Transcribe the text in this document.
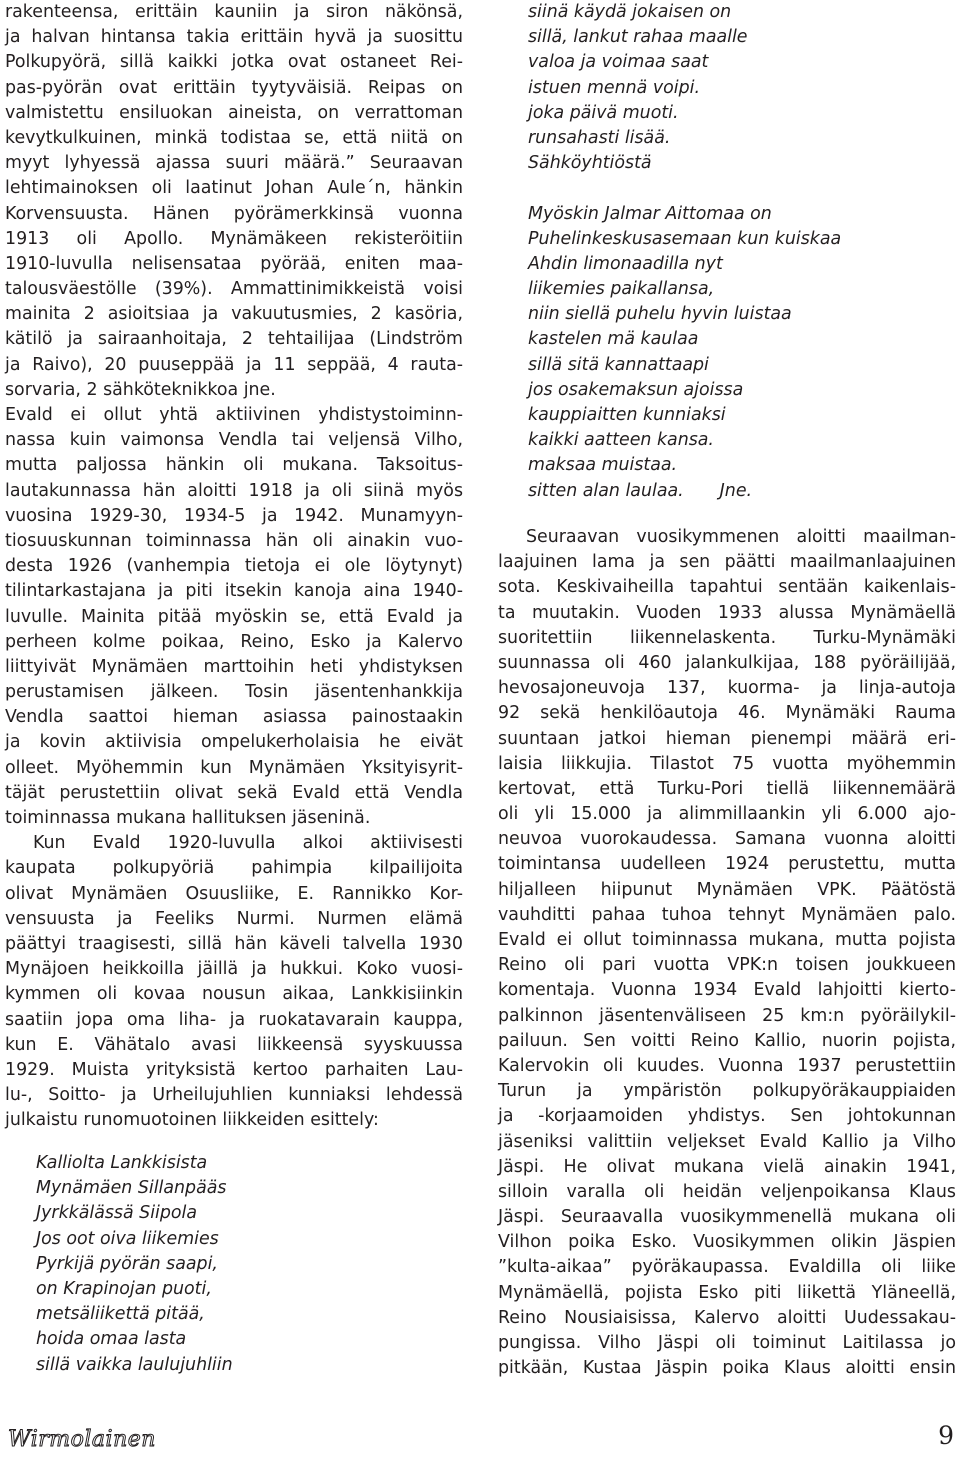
rakenteensa, erittäin kauniin ja siron näkönsä,
ja halvan hintansa takia erittäin hyvä ja suosittu
Polkupyörä, sillä kaikki jotka ovat ostaneet Rei-
pas-pyörän ovat erittäin tyytyväisiä. Reipas on
valmistettu ensiluokan aineista, on verrattoman
kevytkulkuinen, minkä todistaa se, että niitä on
myyt lyhyessä ajassa suuri määrä.” Seuraavan
lehtimainoksen oli laatinut Johan Aule´n, hänkin
Korvensuusta. Hänen pyörämerkkinsä vuonna
1913 oli Apollo. Mynämäkeen rekisteröitiin
1910-luvulla nelisensataa pyörää, eniten maa-
talousväestölle (39%). Ammattinimikkeistä voisi
mainita 2 asioitsiaa ja vakuutusmies, 2 kasöria,
kätilö ja sairaanhoitaja, 2 tehtailijaa (Lindström
ja Raivo), 20 puuseppää ja 11 seppää, 4 rauta-
sorvaria, 2 sähköteknikkoa jne.
Evald ei ollut yhtä aktiivinen yhdistystoiminn-
nassa kuin vaimonsa Vendla tai veljensä Vilho,
mutta paljossa hänkin oli mukana. Taksoitus-
lautakunnassa hän aloitti 1918 ja oli siinä myös
vuosina 1929-30, 1934-5 ja 1942. Munamyyn-
tiosuuskunnan toiminnassa hän oli ainakin vuo-
desta 1926 (vanhempia tietoja ei ole löytynyt)
tilintarkastajana ja piti itsekin kanoja aina 1940-
luvulle. Mainita pitää myöskin se, että Evald ja
perheen kolme poikaa, Reino, Esko ja Kalervo
liittyivät Mynämäen marttoihin heti yhdistyksen
perustamisen jälkeen. Tosin jäsentenhankkija
Vendla saattoi hieman asiassa painostaakin
ja kovin aktiivisia ompelukerholaisia he eivät
olleet. Myöhemmin kun Mynämäen Yksityisyrit-
täjät perustettiin olivat sekä Evald että Vendla
toiminnassa mukana hallituksen jäseninä.
Kun Evald 1920-luvulla alkoi aktiivisesti
kaupata polkupyöriä pahimpia kilpailijoita
olivat Mynämäen Osuusliike, E. Rannikko Kor-
vensuusta ja Feeliks Nurmi. Nurmen elämä
päättyi traagisesti, sillä hän käveli talvella 1930
Mynäjoen heikkoilla jäillä ja hukkui. Koko vuosi-
kymmen oli kovaa nousun aikaa, Lankkisiinkin
saatiin jopa oma liha- ja ruokatavarain kauppa,
kun E. Vähätalo avasi liikkeensä syyskuussa
1929. Muista yrityksistä kertoo parhaiten Lau-
lu-, Soitto- ja Urheilujuhlien kunniaksi lehdessä
julkaistu runomuotoinen liikkeiden esittely:
Kalliolta Lankkisista
Mynämäen Sillanpääs
Jyrkkälässä Siipola
Jos oot oiva liikemies
Pyrkijä pyörän saapi,
on Krapinojan puoti,
metsäliikettä pitää,
hoida omaa lasta
sillä vaikka laulujuhliin
siinä käydä jokaisen on
sillä, lankut rahaa maalle
valoa ja voimaa saat
istuen mennä voipi.
joka päivä muoti.
runsahasti lisää.
Sähköyhtiöstä
Myöskin Jalmar Aittomaa on
Puhelinkeskusasemaan kun kuiskaa
Ahdin limonaadilla nyt
liikemies paikallansa,
niin siellä puhelu hyvin luistaa
kastelen mä kaulaa
sillä sitä kannattaapi
jos osakemaksun ajoissa
kauppiaitten kunniaksi
kaikki aatteen kansa.
maksaa muistaa.
sitten alan laulaa. Jne.
Seuraavan vuosikymmenen aloitti maailman-
laajuinen lama ja sen päätti maailmanlaajuinen
sota. Keskivaiheilla tapahtui sentään kaikenlais-
ta muutakin. Vuoden 1933 alussa Mynämäellä
suoritettiin liikennelaskenta. Turku-Mynämäki
suunnassa oli 460 jalankulkijaa, 188 pyöräilijää,
hevosajoneuvoja 137, kuorma- ja linja-autoja
92 sekä henkilöautoja 46. Mynämäki Rauma
suuntaan jatkoi hieman pienempi määrä eri-
laisia liikkujia. Tilastot 75 vuotta myöhemmin
kertovat, että Turku-Pori tiellä liikennemäärä
oli yli 15.000 ja alimmillaankin yli 6.000 ajo-
neuvoa vuorokaudessa. Samana vuonna aloitti
toimintansa uudelleen 1924 perustettu, mutta
hiljalleen hiipunut Mynämäen VPK. Päätöstä
vauhditti pahaa tuhoa tehnyt Mynämäen palo.
Evald ei ollut toiminnassa mukana, mutta pojista
Reino oli pari vuotta VPK:n toisen joukkueen
komentaja. Vuonna 1934 Evald lahjoitti kierto-
palkinnon jäsentenväliseen 25 km:n pyöräilykil-
pailuun. Sen voitti Reino Kallio, nuorin pojista,
Kalervokin oli kuudes. Vuonna 1937 perustettiin
Turun ja ympäristön polkupyöräkauppiaiden
ja -korjaamoiden yhdistys. Sen johtokunnan
jäseniksi valittiin veljekset Evald Kallio ja Vilho
Jäspi. He olivat mukana vielä ainakin 1941,
silloin varalla oli heidän veljenpoikansa Klaus
Jäspi. Seuraavalla vuosikymmenellä mukana oli
Vilhon poika Esko. Vuosikymmen olikin Jäspien
”kulta-aikaa” pyöräkaupassa. Evaldilla oli liike
Mynämäellä, pojista Esko piti liikettä Yläneellä,
Reino Nousiaisissa, Kalervo aloitti Uudessakau-
pungissa. Vilho Jäspi oli toiminut Laitilassa jo
pitkään, Kustaa Jäspin poika Klaus aloitti ensin
Wirmolainen	9
